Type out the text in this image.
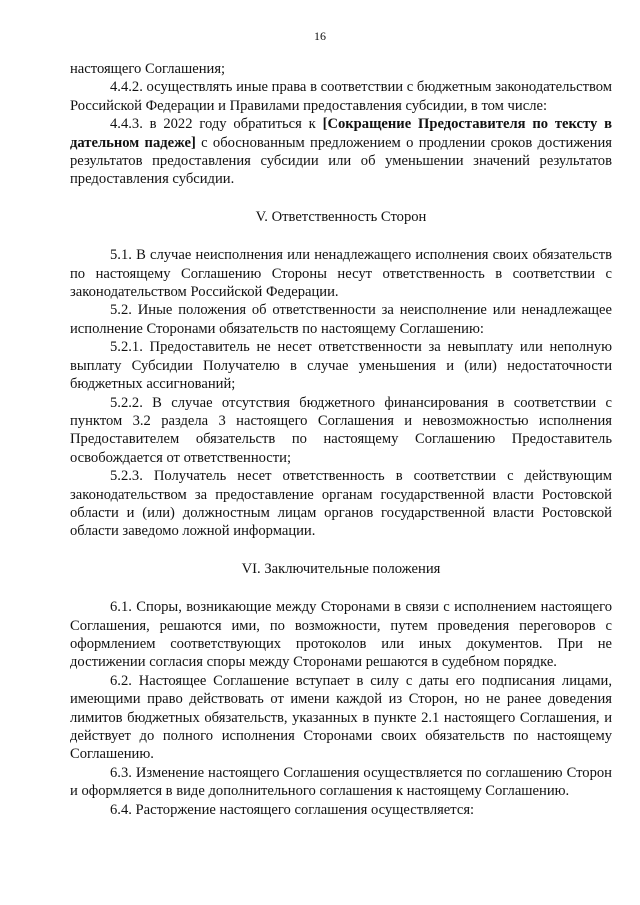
16

настоящего Соглашения;

4.4.2. осуществлять иные права в соответствии с бюджетным законодательством Российской Федерации и Правилами предоставления субсидии, в том числе:

4.4.3. в 2022 году обратиться к [Сокращение Предоставителя по тексту в дательном падеже] с обоснованным предложением о продлении сроков достижения результатов предоставления субсидии или об уменьшении значений результатов предоставления субсидии.

V. Ответственность Сторон

5.1. В случае неисполнения или ненадлежащего исполнения своих обязательств по настоящему Соглашению Стороны несут ответственность в соответствии с законодательством Российской Федерации.

5.2. Иные положения об ответственности за неисполнение или ненадлежащее исполнение Сторонами обязательств по настоящему Соглашению:

5.2.1. Предоставитель не несет ответственности за невыплату или неполную выплату Субсидии Получателю в случае уменьшения и (или) недостаточности бюджетных ассигнований;

5.2.2. В случае отсутствия бюджетного финансирования в соответствии с пунктом 3.2 раздела 3 настоящего Соглашения и невозможностью исполнения Предоставителем обязательств по настоящему Соглашению Предоставитель освобождается от ответственности;

5.2.3. Получатель несет ответственность в соответствии с действующим законодательством за предоставление органам государственной власти Ростовской области и (или) должностным лицам органов государственной власти Ростовской области заведомо ложной информации.

VI. Заключительные положения

6.1. Споры, возникающие между Сторонами в связи с исполнением настоящего Соглашения, решаются ими, по возможности, путем проведения переговоров с оформлением соответствующих протоколов или иных документов. При не достижении согласия споры между Сторонами решаются в судебном порядке.

6.2. Настоящее Соглашение вступает в силу с даты его подписания лицами, имеющими право действовать от имени каждой из Сторон, но не ранее доведения лимитов бюджетных обязательств, указанных в пункте 2.1 настоящего Соглашения, и действует до полного исполнения Сторонами своих обязательств по настоящему Соглашению.

6.3. Изменение настоящего Соглашения осуществляется по соглашению Сторон и оформляется в виде дополнительного соглашения к настоящему Соглашению.

6.4. Расторжение настоящего соглашения осуществляется:
